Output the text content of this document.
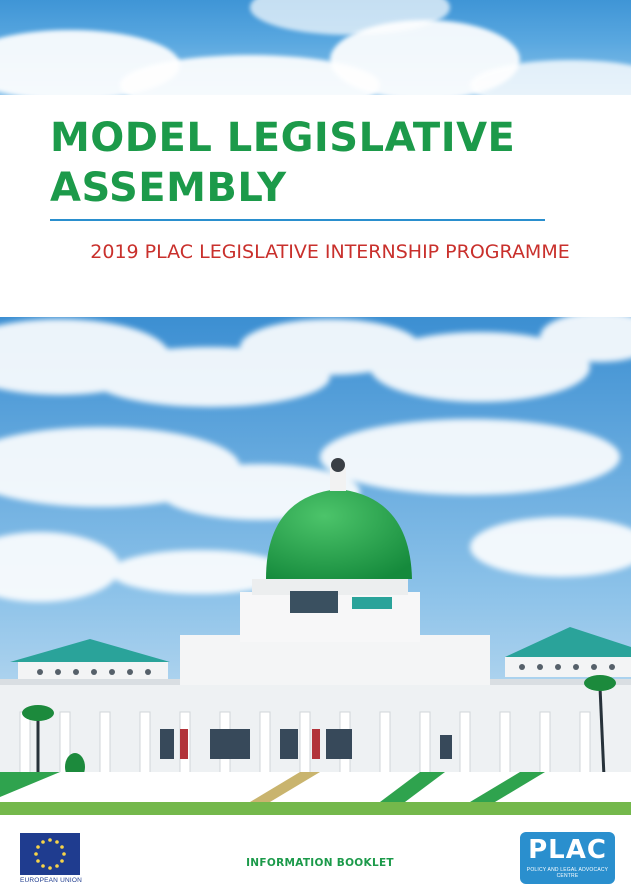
MODEL LEGISLATIVE ASSEMBLY
2019 PLAC LEGISLATIVE INTERNSHIP PROGRAMME
EUROPEAN UNION
INFORMATION BOOKLET	PLAC
POLICY AND LEGAL ADVOCACY CENTRE
